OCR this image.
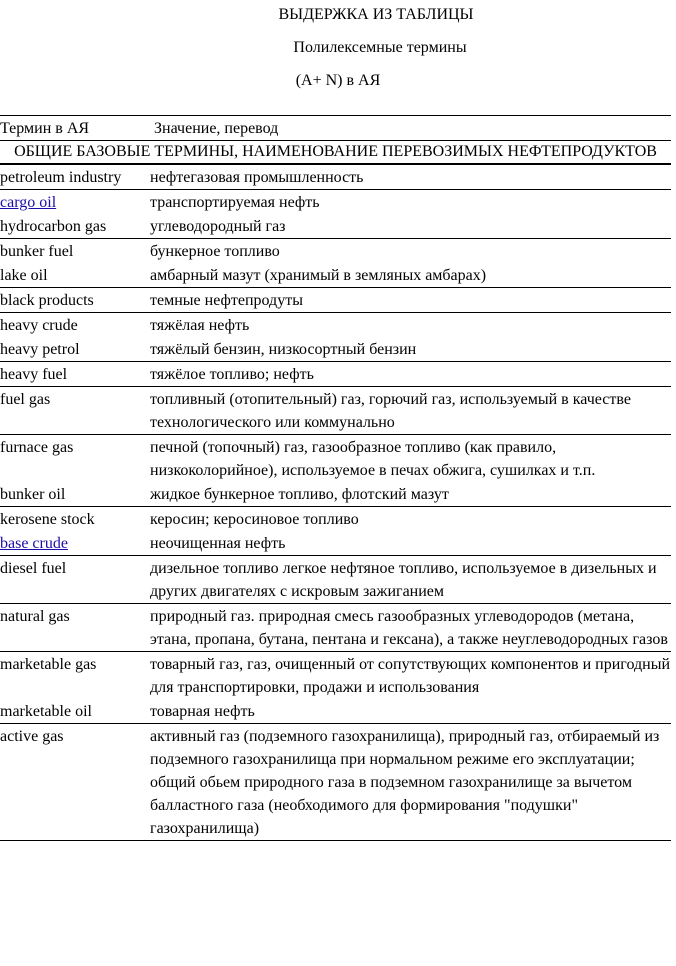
ВЫДЕРЖКА ИЗ ТАБЛИЦЫ
Полилексемные термины
(A+ N) в АЯ
Термин в АЯ	Значение, перевод
ОБЩИЕ БАЗОВЫЕ ТЕРМИНЫ, НАИМЕНОВАНИЕ ПЕРЕВОЗИМЫХ НЕФТЕПРОДУКТОВ	
petroleum industry	нефтегазовая промышленность
cargo oil	транспортируемая нефть
hydrocarbon gas	углеводородный газ
bunker fuel	бункерное топливо
lake oil	амбарный мазут (хранимый в земляных амбарах)
black products	темные нефтепродуты
heavy crude	тяжёлая нефть
heavy petrol	тяжёлый бензин, низкосортный бензин
heavy fuel	тяжёлое топливо; нефть
fuel gas	топливный (отопительный) газ, горючий газ, используемый в качестве технологического или коммунально
furnace gas	печной (топочный) газ, газообразное топливо (как правило, низкоколорийное), используемое в печах обжига, сушилках и т.п.
bunker oil	жидкое бункерное топливо, флотский мазут
kerosene stock	керосин; керосиновое топливо
base crude	неочищенная нефть
diesel fuel	дизельное топливо легкое нефтяное топливо, используемое в дизельных и других двигателях с искровым зажиганием
natural gas	природный газ. природная смесь газообразных углеводородов (метана, этана, пропана, бутана, пентана и гексана), а также неуглеводородных газов
marketable gas	товарный газ, газ, очищенный от сопутствующих компонентов и пригодный для транспортировки, продажи и использования
marketable oil	товарная нефть
active gas	активный газ (подземного газохранилища), природный газ, отбираемый из подземного газохранилища при нормальном режиме его эксплуатации; общий обьем природного газа в подземном газохранилище за вычетом балластного газа (необходимого для формирования "подушки" газохранилища)
